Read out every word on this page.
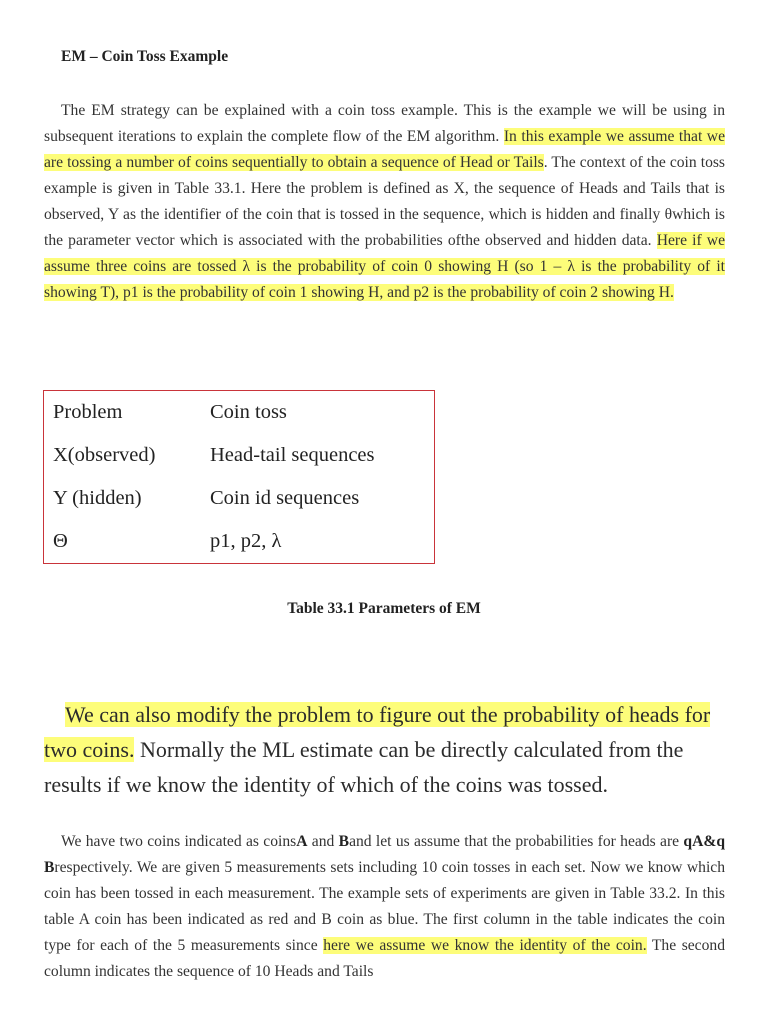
EM – Coin Toss Example

The EM strategy can be explained with a coin toss example. This is the example we will be using in subsequent iterations to explain the complete flow of the EM algorithm. In this example we assume that we are tossing a number of coins sequentially to obtain a sequence of Head or Tails. The context of the coin toss example is given in Table 33.1. Here the problem is defined as X, the sequence of Heads and Tails that is observed, Y as the identifier of the coin that is tossed in the sequence, which is hidden and finally θwhich is the parameter vector which is associated with the probabilities ofthe observed and hidden data. Here if we assume three coins are tossed λ is the probability of coin 0 showing H (so 1 – λ is the probability of it showing T), p1 is the probability of coin 1 showing H, and p2 is the probability of coin 2 showing H.

Problem	Coin toss
X(observed)	Head-tail sequences
Y (hidden)	Coin id sequences
Θ	p1, p2, λ

Table 33.1 Parameters of EM

We can also modify the problem to figure out the probability of heads for two coins. Normally the ML estimate can be directly calculated from the results if we know the identity of which of the coins was tossed.

We have two coins indicated as coinsA and Band let us assume that the probabilities for heads are qA&q Brespectively. We are given 5 measurements sets including 10 coin tosses in each set. Now we know which coin has been tossed in each measurement. The example sets of experiments are given in Table 33.2. In this table A coin has been indicated as red and B coin as blue. The first column in the table indicates the coin type for each of the 5 measurements since here we assume we know the identity of the coin. The second column indicates the sequence of 10 Heads and Tails
